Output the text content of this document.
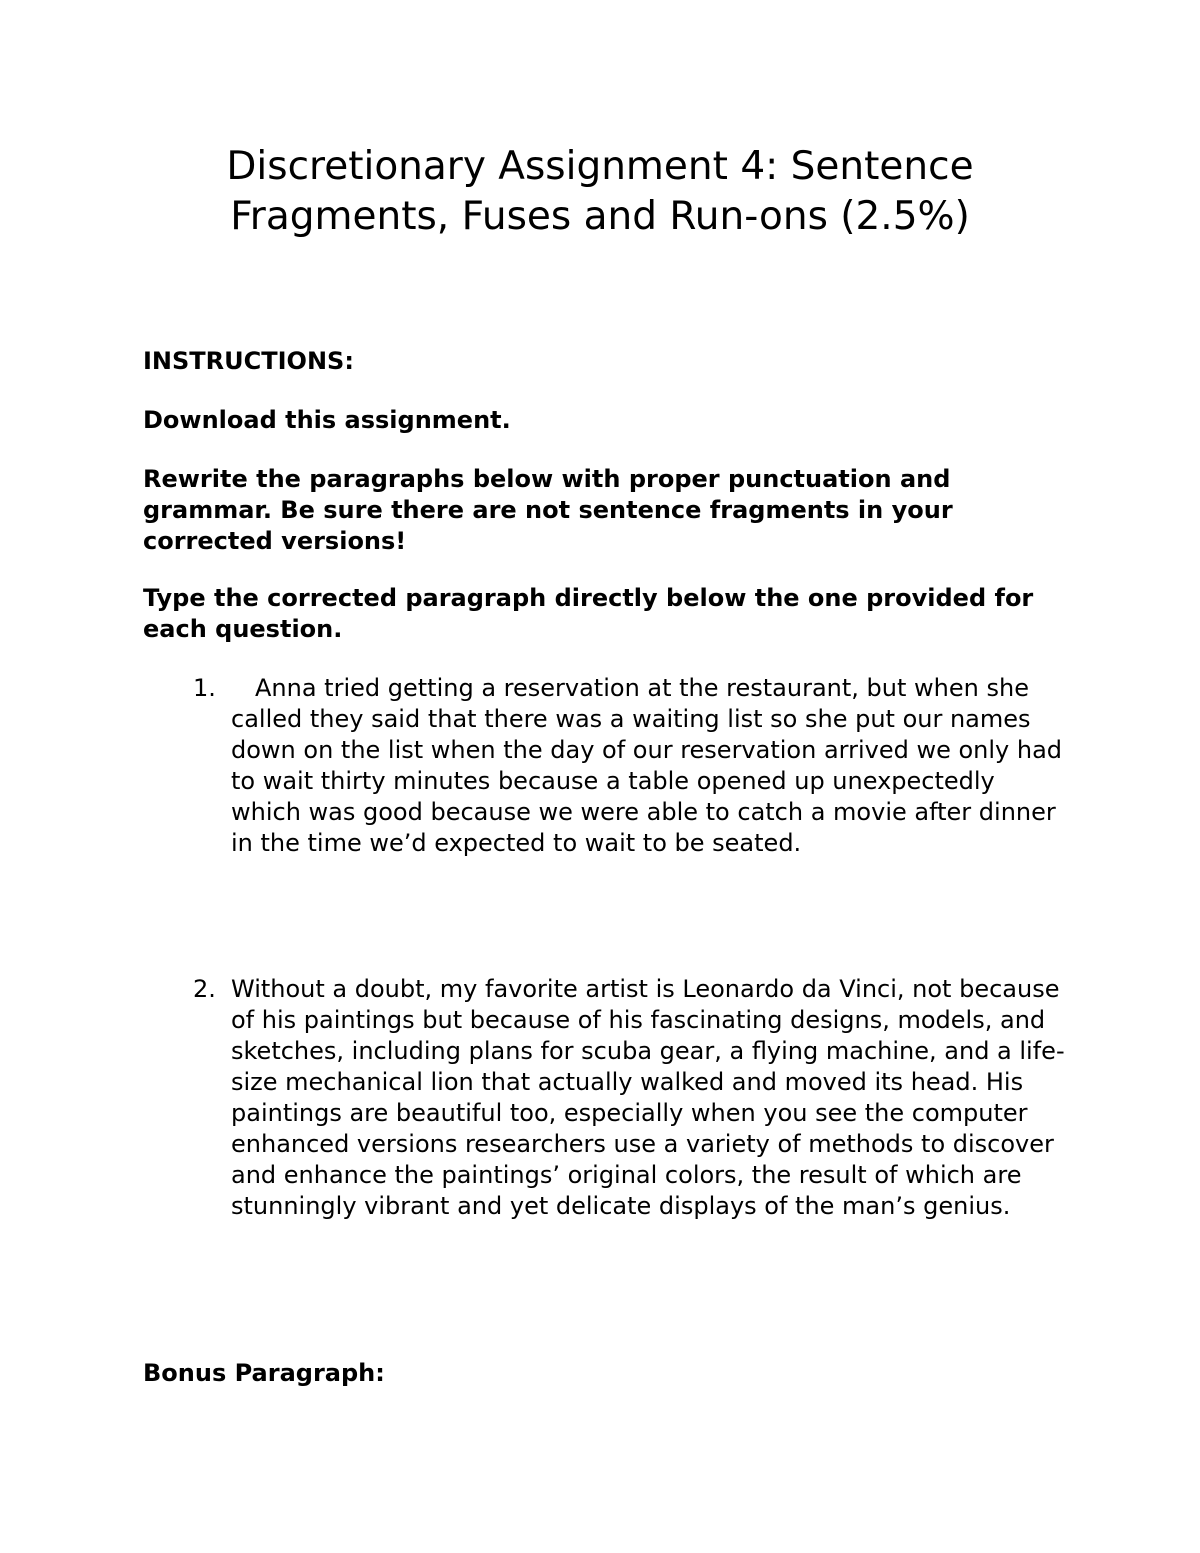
Discretionary Assignment 4: Sentence
Fragments, Fuses and Run-ons (2.5%)

INSTRUCTIONS:

Download this assignment.

Rewrite the paragraphs below with proper punctuation and grammar. Be sure there are not sentence fragments in your corrected versions!

Type the corrected paragraph directly below the one provided for each question.

1.

 	Anna tried getting a reservation at the restaurant, but when she called they said that there was a waiting list so she put our names down on the list when the day of our reservation arrived we only had to wait thirty minutes because a table opened up unexpectedly which was good because we were able to catch a movie after dinner in the time we’d expected to wait to be seated.

2. Without a doubt, my favorite artist is Leonardo da Vinci, not because of his paintings but because of his fascinating designs, models, and sketches, including plans for scuba gear, a flying machine, and a life-size mechanical lion that actually walked and moved its head. His paintings are beautiful too, especially when you see the computer enhanced versions researchers use a variety of methods to discover and enhance the paintings’ original colors, the result of which are stunningly vibrant and yet delicate displays of the man’s genius.

Bonus Paragraph:
